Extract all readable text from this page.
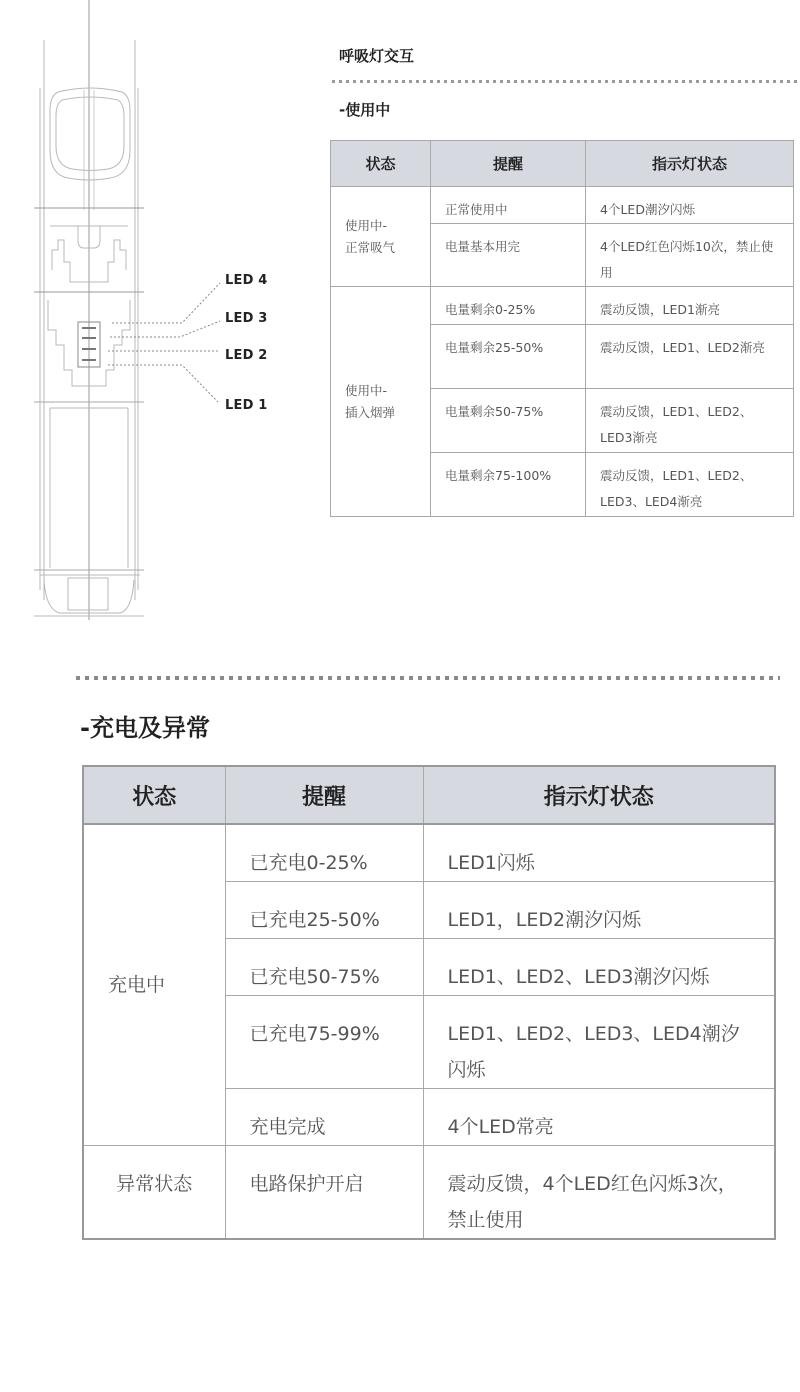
LED 4
LED 3
LED 2
LED 1
呼吸灯交互
-使用中
状态	提醒	指示灯状态
使用中-
正常吸气	正常使用中	4个LED潮汐闪烁
	电量基本用完	4个LED红色闪烁10次，禁止使用
使用中-
插入烟弹	电量剩余0-25%	震动反馈，LED1渐亮
	电量剩余25-50%	震动反馈，LED1、LED2渐亮
	电量剩余50-75%	震动反馈，LED1、LED2、LED3渐亮
	电量剩余75-100%	震动反馈，LED1、LED2、LED3、LED4渐亮
-充电及异常
状态	提醒	指示灯状态
充电中	已充电0-25%	LED1闪烁
	已充电25-50%	LED1，LED2潮汐闪烁
	已充电50-75%	LED1、LED2、LED3潮汐闪烁
	已充电75-99%	LED1、LED2、LED3、LED4潮汐闪烁
	充电完成	4个LED常亮
异常状态	电路保护开启	震动反馈，4个LED红色闪烁3次，禁止使用
